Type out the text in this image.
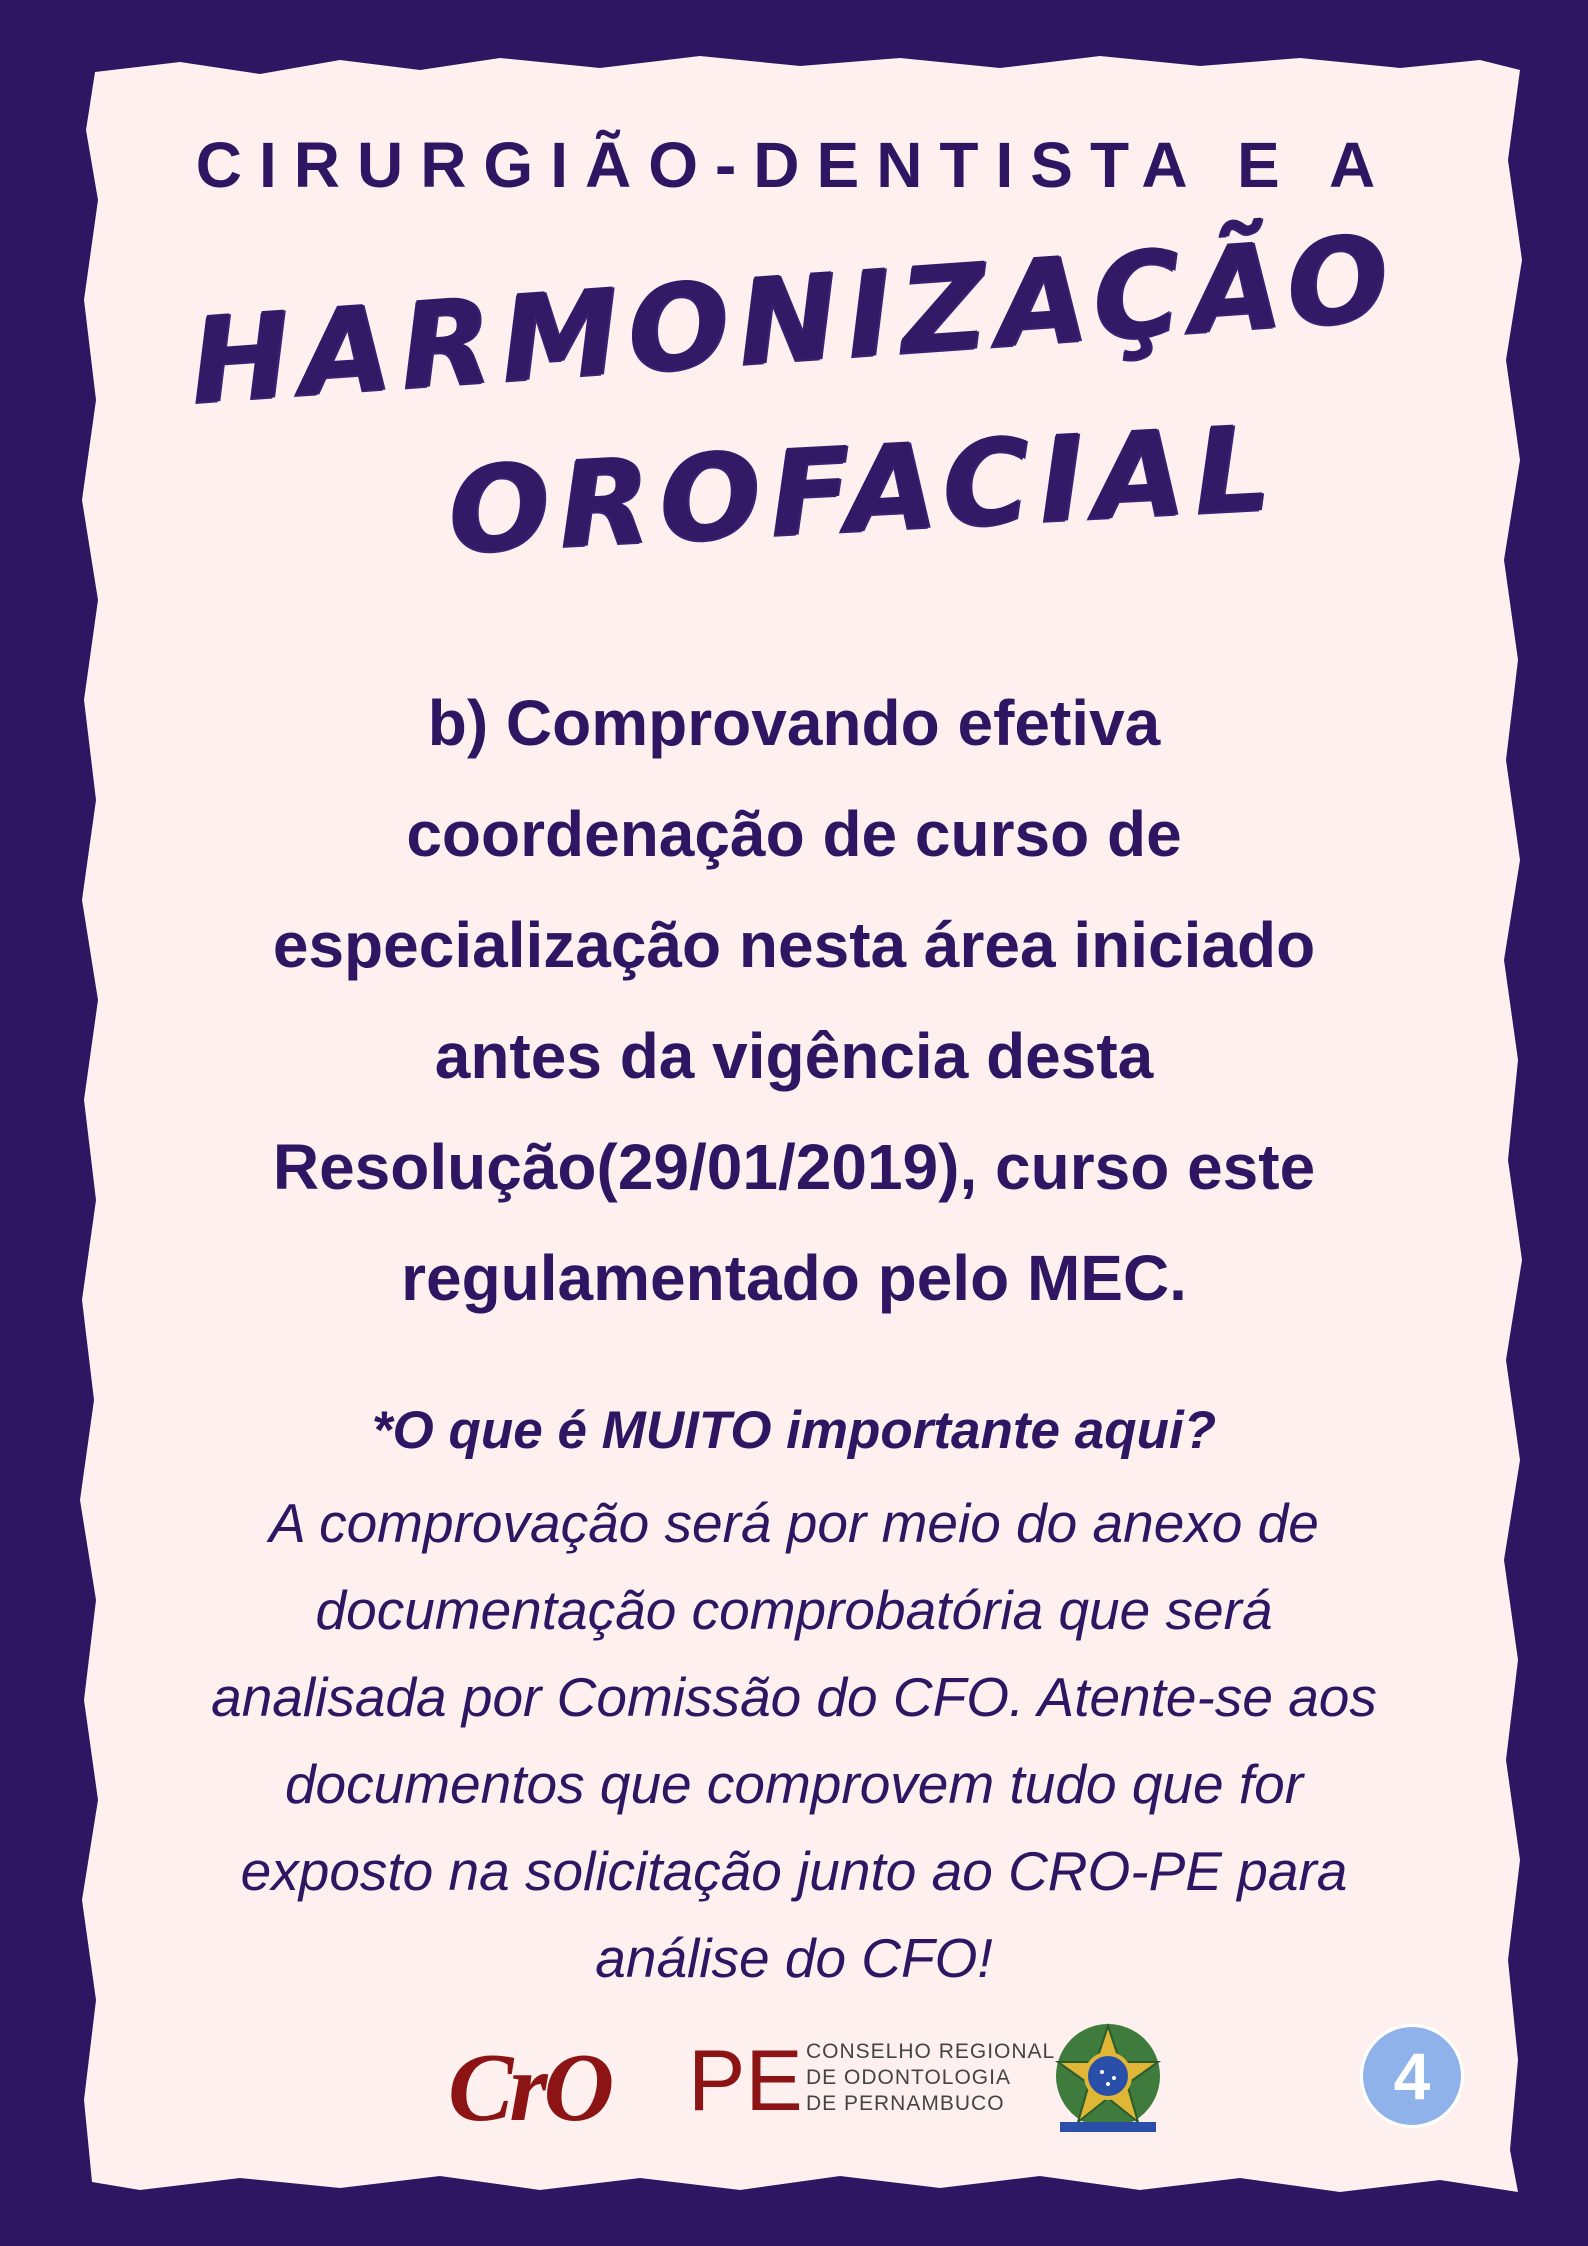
CIRURGIÃO-DENTISTA E A
HARMONIZAÇÃO
OROFACIAL
b) Comprovando efetiva
coordenação de curso de
especialização nesta área iniciado
antes da vigência desta
Resolução(29/01/2019), curso este
regulamentado pelo MEC.
*O que é MUITO importante aqui?
A comprovação será por meio do anexo de
documentação comprobatória que será
analisada por Comissão do CFO. Atente-se aos
documentos que comprovem tudo que for
exposto na solicitação junto ao CRO-PE para
análise do CFO!
CrO PE CONSELHO REGIONAL
DE ODONTOLOGIA
DE PERNAMBUCO	4
